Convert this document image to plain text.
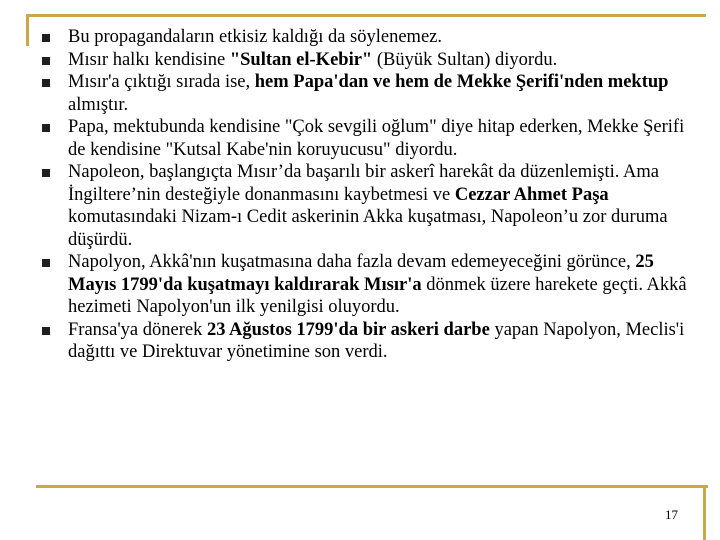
Bu propagandaların etkisiz kaldığı da söylenemez.
Mısır halkı kendisine "Sultan el-Kebir" (Büyük Sultan) diyordu.
Mısır'a çıktığı sırada ise, hem Papa'dan ve hem de Mekke Şerifi'nden mektup almıştır.
Papa, mektubunda kendisine "Çok sevgili oğlum" diye hitap ederken, Mekke Şerifi de kendisine "Kutsal Kabe'nin koruyucusu" diyordu.
Napoleon, başlangıçta Mısır’da başarılı bir askerî harekât da düzenlemişti. Ama İngiltere’nin desteğiyle donanmasını kaybetmesi ve Cezzar Ahmet Paşa komutasındaki Nizam-ı Cedit askerinin Akka kuşatması, Napoleon’u zor duruma düşürdü.
Napolyon, Akkâ'nın kuşatmasına daha fazla devam edemeyeceğini görünce, 25 Mayıs 1799'da kuşatmayı kaldırarak Mısır'a dönmek üzere harekete geçti. Akkâ hezimeti Napolyon'un ilk yenilgisi oluyordu.
Fransa'ya dönerek 23 Ağustos 1799'da bir askeri darbe yapan Napolyon, Meclis'i dağıttı ve Direktuvar yönetimine son verdi.
17
